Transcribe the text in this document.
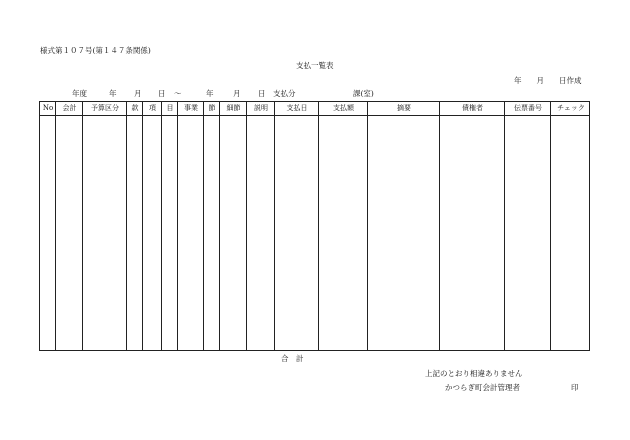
様式第１０７号(第１４７条関係)
支払一覧表
年　　月　　日作成
年度	年 月 日 〜	年	月 日 支払分	課(室)
No	会計	予算区分	款	項	目	事業	節	細節	説明	支払日	支払額	摘要	債権者	伝票番号	チェック
合　計
上記のとおり相違ありません
かつらぎ町会計管理者	印
